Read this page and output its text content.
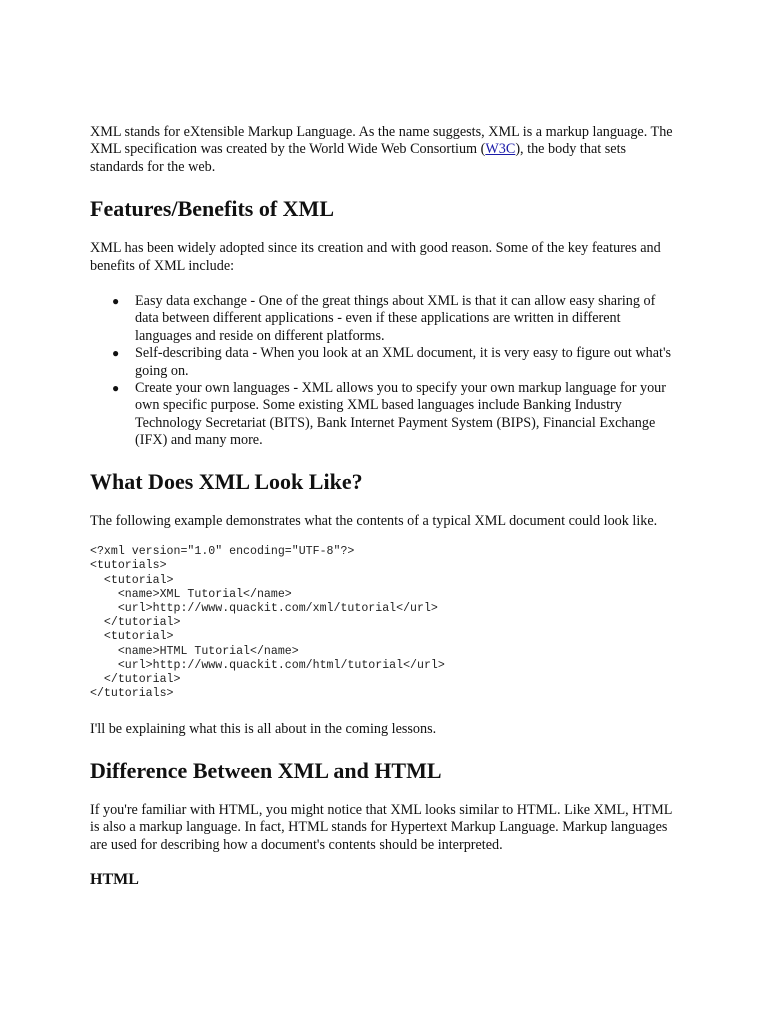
XML stands for eXtensible Markup Language. As the name suggests, XML is a markup language. The XML specification was created by the World Wide Web Consortium (W3C), the body that sets standards for the web.

Features/Benefits of XML

XML has been widely adopted since its creation and with good reason. Some of the key features and benefits of XML include:

● Easy data exchange - One of the great things about XML is that it can allow easy sharing of data between different applications - even if these applications are written in different languages and reside on different platforms.
● Self-describing data - When you look at an XML document, it is very easy to figure out what's going on.
● Create your own languages - XML allows you to specify your own markup language for your own specific purpose. Some existing XML based languages include Banking Industry Technology Secretariat (BITS), Bank Internet Payment System (BIPS), Financial Exchange (IFX) and many more.
What Does XML Look Like?

The following example demonstrates what the contents of a typical XML document could look like.

<?xml version="1.0" encoding="UTF-8"?>
<tutorials>
<tutorial>
<name>XML Tutorial</name>
<url>http://www.quackit.com/xml/tutorial</url>
</tutorial>
<tutorial>
<name>HTML Tutorial</name>
<url>http://www.quackit.com/html/tutorial</url>
</tutorial>
</tutorials>

I'll be explaining what this is all about in the coming lessons.

Difference Between XML and HTML

If you're familiar with HTML, you might notice that XML looks similar to HTML. Like XML, HTML is also a markup language. In fact, HTML stands for Hypertext Markup Language. Markup languages are used for describing how a document's contents should be interpreted.

HTML
